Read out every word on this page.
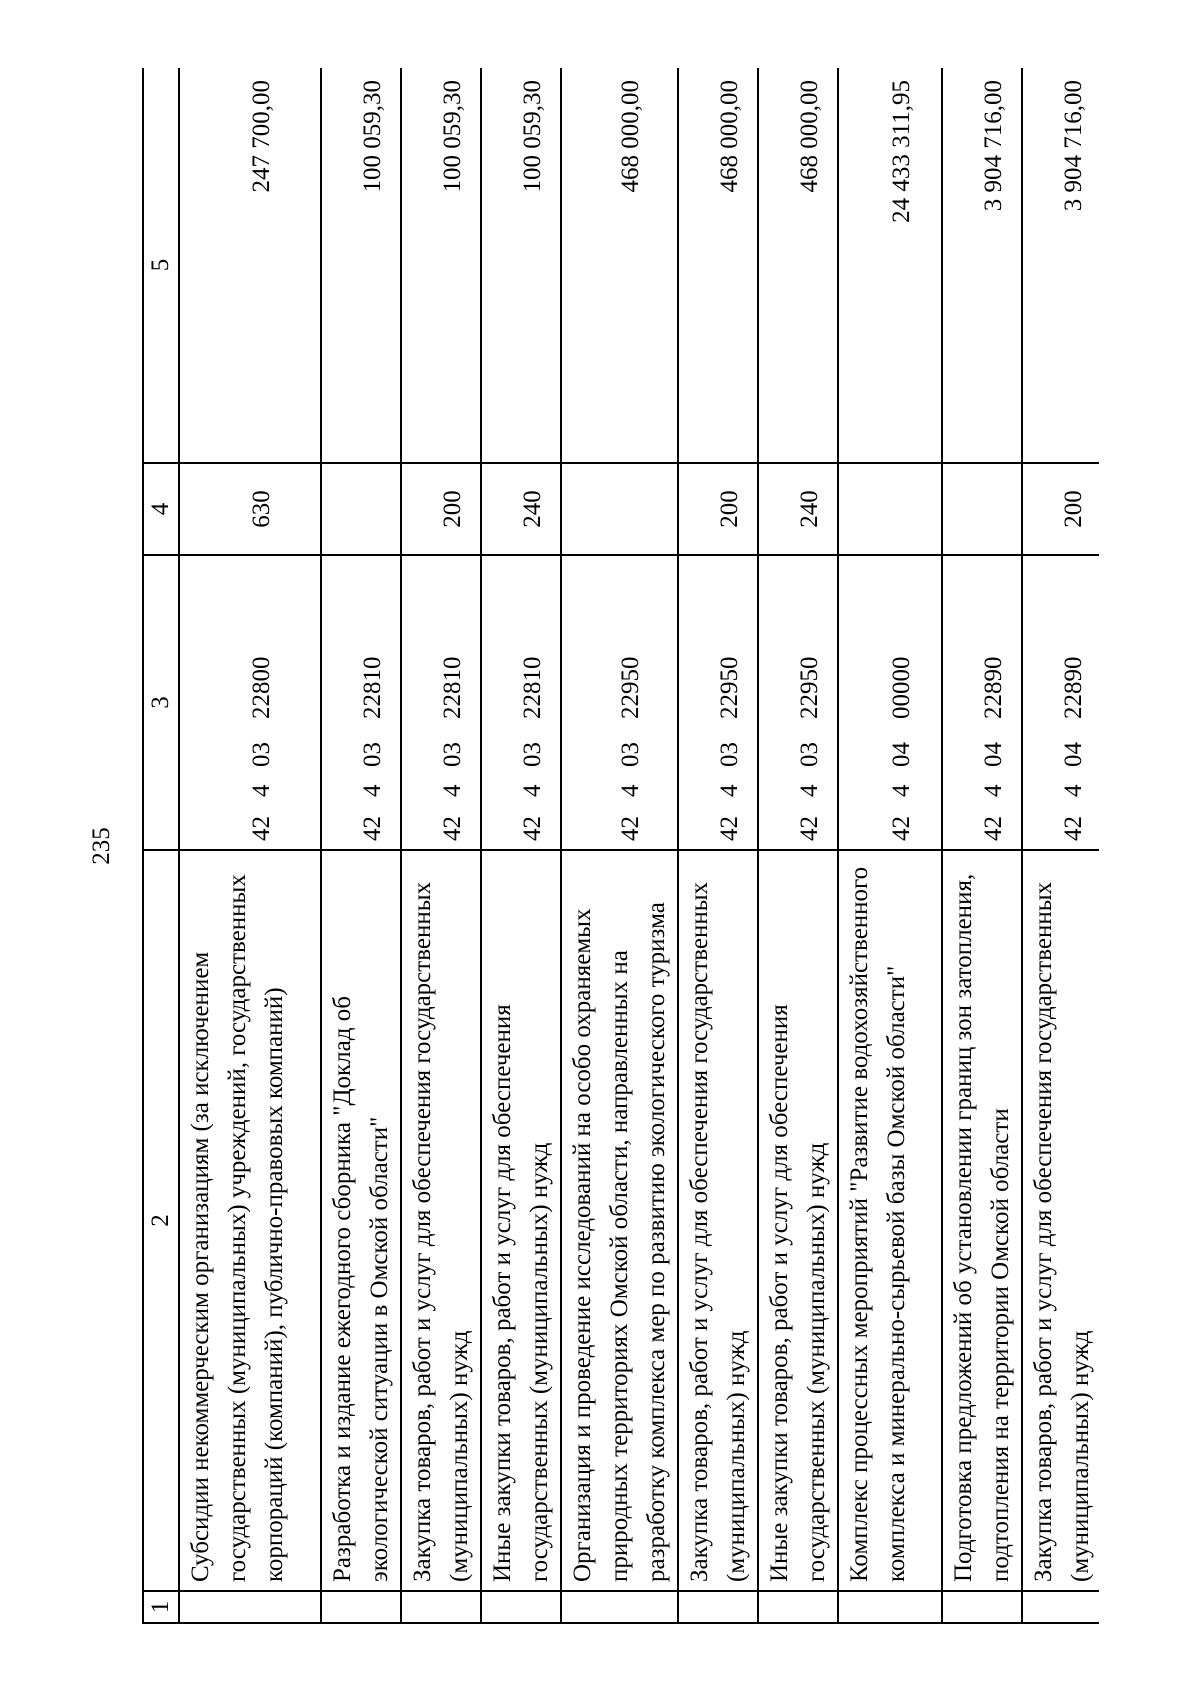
235
1	2	3	4	5
	Субсидии некоммерческим организациям (за исключением государственных (муниципальных) учреждений, государственных корпораций (компаний), публично-правовых компаний)	4240322800	630	247 700,00
	Разработка и издание ежегодного сборника "Доклад об экологической ситуации в Омской области"	4240322810		100 059,30
	Закупка товаров, работ и услуг для обеспечения государственных (муниципальных) нужд	4240322810	200	100 059,30
	Иные закупки товаров, работ и услуг для обеспечения государственных (муниципальных) нужд	4240322810	240	100 059,30
	Организация и проведение исследований на особо охраняемых природных территориях Омской области, направленных на разработку комплекса мер по развитию экологического туризма	4240322950		468 000,00
	Закупка товаров, работ и услуг для обеспечения государственных (муниципальных) нужд	4240322950	200	468 000,00
	Иные закупки товаров, работ и услуг для обеспечения государственных (муниципальных) нужд	4240322950	240	468 000,00
	Комплекс процессных мероприятий "Развитие водохозяйственного комплекса и минерально-сырьевой базы Омской области"	4240400000		24 433 311,95
	Подготовка предложений об установлении границ зон затопления, подтопления на территории Омской области	4240422890		3 904 716,00
	Закупка товаров, работ и услуг для обеспечения государственных (муниципальных) нужд	4240422890	200	3 904 716,00
